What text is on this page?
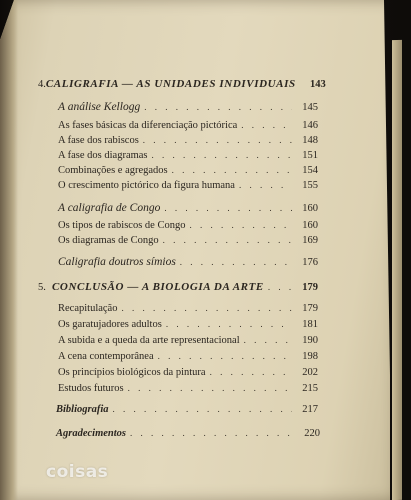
4. CALIGRAFIA — AS UNIDADES INDIVIDUAIS	143
A análise Kellogg . . .	145
As fases básicas da diferenciação pictórica . . .	146
A fase dos rabiscos . . .	148
A fase dos diagramas . . .	151
Combinações e agregados . . .	154
O crescimento pictórico da figura humana . . .	155
A caligrafia de Congo . . .	160
Os tipos de rabiscos de Congo . . .	160
Os diagramas de Congo . . .	169
Caligrafia doutros símios . . .	176
5. CONCLUSÃO — A BIOLOGIA DA ARTE . . .	179
Recapitulação . . .	179
Os garatujadores adultos . . .	181
A subida e a queda da arte representacional . . .	190
A cena contemporânea . . .	198
Os princípios biológicos da pintura . . .	202
Estudos futuros . . .	215
Bibliografia . . .	217
Agradecimentos . . .	220
coisas
